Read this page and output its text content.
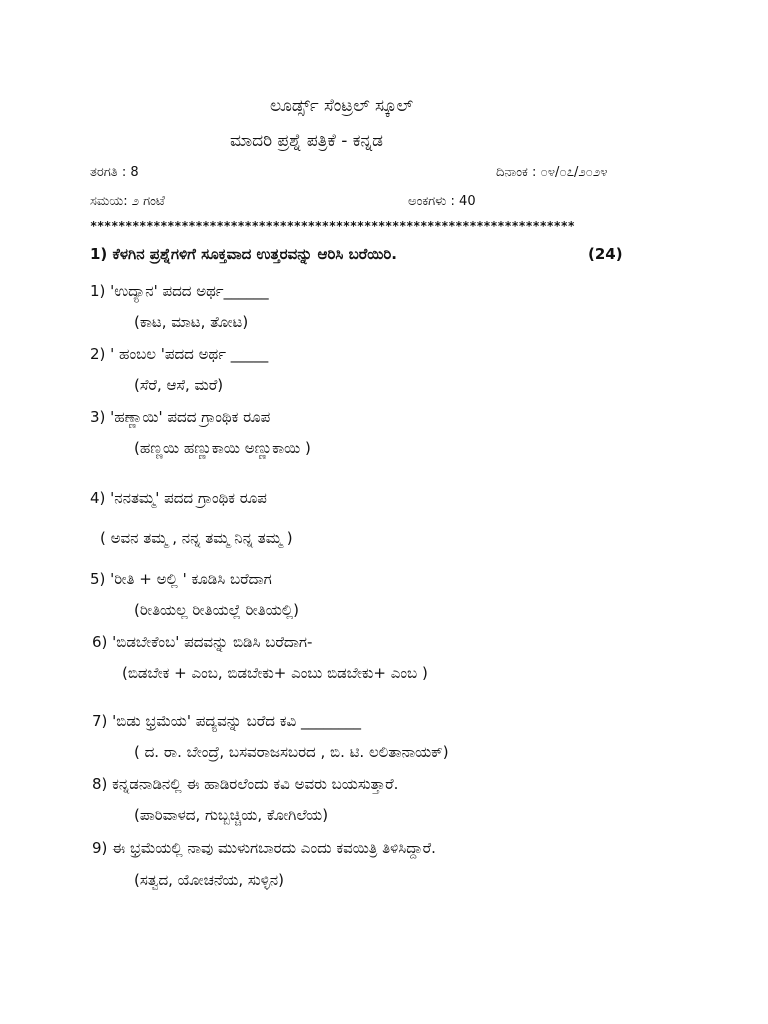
ಲೂರ್ಡ್ಸ್ ಸೆಂಟ್ರಲ್ ಸ್ಕೂಲ್
ಮಾದರಿ ಪ್ರಶ್ನೆ ಪತ್ರಿಕೆ - ಕನ್ನಡ
ತರಗತಿ : 8	ದಿನಾಂಕ : ೦೪/೦೭/೨೦೨೪
ಸಮಯ: ೨ ಗಂಟೆ	ಅಂಕಗಳು : 40
*********************************************************************
1) ಕೆಳಗಿನ ಪ್ರಶ್ನೆಗಳಿಗೆ ಸೂಕ್ತವಾದ ಉತ್ತರವನ್ನು ಆರಿಸಿ ಬರೆಯಿರಿ.	(24)
1) 'ಉದ್ಯಾನ' ಪದದ ಅರ್ಥ______
(ಕಾಟ, ಮಾಟ, ತೋಟ)
2) ' ಹಂಬಲ 'ಪದದ ಅರ್ಥ _____
(ಸೆರೆ, ಆಸೆ, ಮರೆ)
3) 'ಹಣ್ಣಾಯಿ' ಪದದ ಗ್ರಾಂಥಿಕ ರೂಪ
(ಹಣ್ಣಯಿ ಹಣ್ಣುಕಾಯಿ ಅಣ್ಣುಕಾಯಿ )
4) 'ನನತಮ್ಮ' ಪದದ ಗ್ರಾಂಥಿಕ ರೂಪ
( ಅವನ ತಮ್ಮ , ನನ್ನ ತಮ್ಮ ನಿನ್ನ ತಮ್ಮ )
5) 'ರೀತಿ + ಅಲ್ಲಿ ' ಕೂಡಿಸಿ ಬರೆದಾಗ
(ರೀತಿಯಲ್ಲ ರೀತಿಯಲ್ಲೆ ರೀತಿಯಲ್ಲಿ)
6) 'ಬಿಡಬೇಕೆಂಬ' ಪದವನ್ನು ಬಿಡಿಸಿ ಬರೆದಾಗ-
(ಬಿಡಬೇಕ + ಎಂಬ, ಬಿಡಬೇಕು+ ಎಂಬು ಬಿಡಬೇಕು+ ಎಂಬ )
7) 'ಬಿಡು ಭ್ರಮೆಯ' ಪದ್ಯವನ್ನು ಬರೆದ ಕವಿ ________
( ದ. ರಾ. ಬೇಂದ್ರೆ, ಬಸವರಾಜಸಬರದ , ಬಿ. ಟಿ. ಲಲಿತಾನಾಯಕ್)
8) ಕನ್ನಡನಾಡಿನಲ್ಲಿ ಈ ಹಾಡಿರಲೆಂದು ಕವಿ ಅವರು ಬಯಸುತ್ತಾರೆ.
(ಪಾರಿವಾಳದ, ಗುಬ್ಬಚ್ಚಿಯ, ಕೋಗಿಲೆಯ)
9) ಈ ಭ್ರಮೆಯಲ್ಲಿ ನಾವು ಮುಳುಗಬಾರದು ಎಂದು ಕವಯಿತ್ರಿ ತಿಳಿಸಿದ್ದಾರೆ.
(ಸತ್ವದ, ಯೋಚನೆಯ, ಸುಳ್ಳಿನ)
